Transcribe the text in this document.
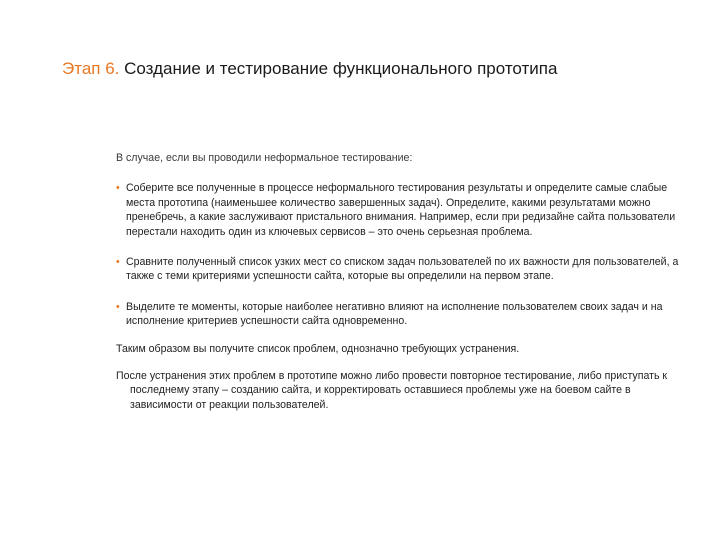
Этап 6. Создание и тестирование функционального прототипа
В случае, если вы проводили неформальное тестирование:
• Соберите все полученные в процессе неформального тестирования результаты и определите самые слабые места прототипа (наименьшее количество завершенных задач). Определите, какими результатами можно пренебречь, а какие заслуживают пристального внимания. Например, если при редизайне сайта пользователи перестали находить один из ключевых сервисов – это очень серьезная проблема.
• Сравните полученный список узких мест со списком задач пользователей по их важности для пользователей, а также с теми критериями успешности сайта, которые вы определили на первом этапе.
• Выделите те моменты, которые наиболее негативно влияют на исполнение пользователем своих задач и на исполнение критериев успешности сайта одновременно.
Таким образом вы получите список проблем, однозначно требующих устранения.
После устранения этих проблем в прототипе можно либо провести повторное тестирование, либо приступать к последнему этапу – созданию сайта, и корректировать оставшиеся проблемы уже на боевом сайте в зависимости от реакции пользователей.
